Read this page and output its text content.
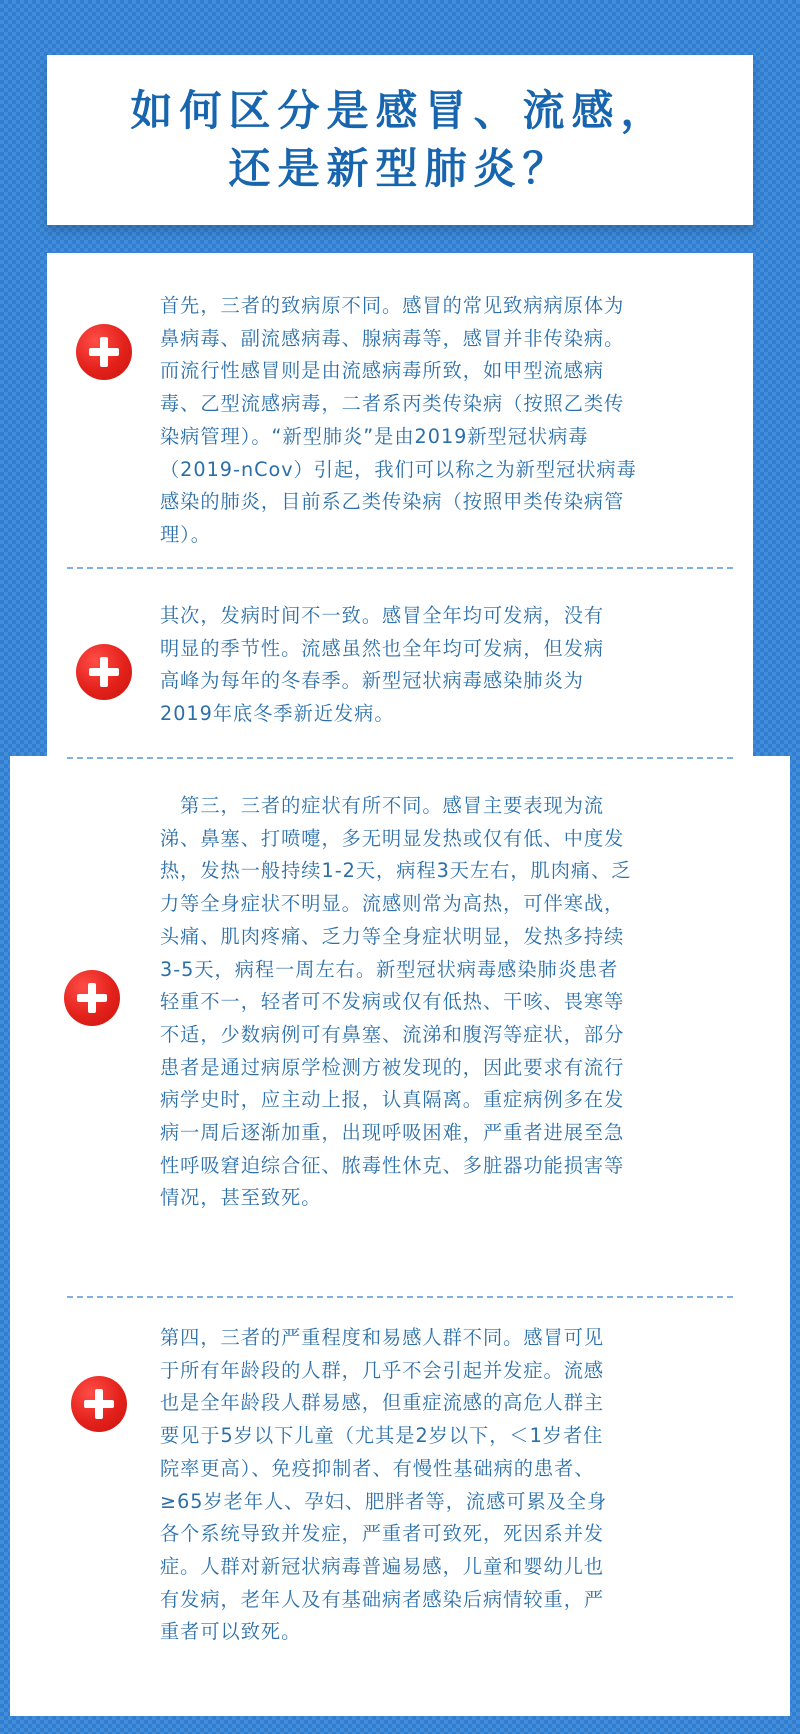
如何区分是感冒、流感，
还是新型肺炎？
首先，三者的致病原不同。感冒的常见致病病原体为
鼻病毒、副流感病毒、腺病毒等，感冒并非传染病。
而流行性感冒则是由流感病毒所致，如甲型流感病
毒、乙型流感病毒，二者系丙类传染病（按照乙类传
染病管理）。“新型肺炎”是由2019新型冠状病毒
（2019-nCov）引起，我们可以称之为新型冠状病毒
感染的肺炎，目前系乙类传染病（按照甲类传染病管
理）。
其次，发病时间不一致。感冒全年均可发病，没有
明显的季节性。流感虽然也全年均可发病，但发病
高峰为每年的冬春季。新型冠状病毒感染肺炎为
2019年底冬季新近发病。
　第三，三者的症状有所不同。感冒主要表现为流
涕、鼻塞、打喷嚏，多无明显发热或仅有低、中度发
热，发热一般持续1-2天，病程3天左右，肌肉痛、乏
力等全身症状不明显。流感则常为高热，可伴寒战，
头痛、肌肉疼痛、乏力等全身症状明显，发热多持续
3-5天，病程一周左右。新型冠状病毒感染肺炎患者
轻重不一，轻者可不发病或仅有低热、干咳、畏寒等
不适，少数病例可有鼻塞、流涕和腹泻等症状，部分
患者是通过病原学检测方被发现的，因此要求有流行
病学史时，应主动上报，认真隔离。重症病例多在发
病一周后逐渐加重，出现呼吸困难，严重者进展至急
性呼吸窘迫综合征、脓毒性休克、多脏器功能损害等
情况，甚至致死。
第四，三者的严重程度和易感人群不同。感冒可见
于所有年龄段的人群，几乎不会引起并发症。流感
也是全年龄段人群易感，但重症流感的高危人群主
要见于5岁以下儿童（尤其是2岁以下，＜1岁者住
院率更高）、免疫抑制者、有慢性基础病的患者、
≥65岁老年人、孕妇、肥胖者等，流感可累及全身
各个系统导致并发症，严重者可致死，死因系并发
症。人群对新冠状病毒普遍易感，儿童和婴幼儿也
有发病，老年人及有基础病者感染后病情较重，严
重者可以致死。
